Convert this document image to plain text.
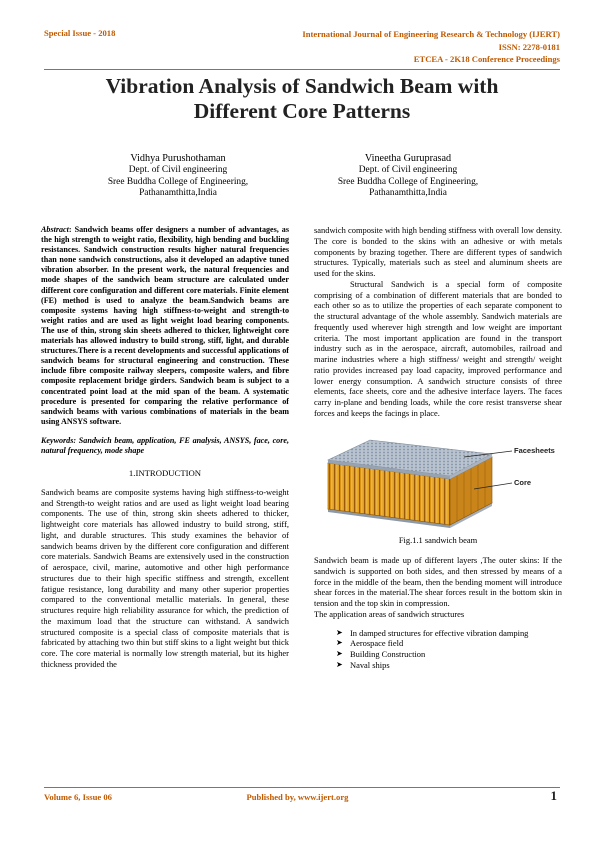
Special Issue - 2018	International Journal of Engineering Research & Technology (IJERT)
ISSN: 2278-0181
ETCEA - 2K18 Conference Proceedings
Vibration Analysis of Sandwich Beam with
Different Core Patterns
Vidhya Purushothaman
Dept. of Civil engineering
Sree Buddha College of Engineering,
Pathanamthitta,India
Vineetha Guruprasad
Dept. of Civil engineering
Sree Buddha College of Engineering,
Pathanamthitta,India

Abstract: Sandwich beams offer designers a number of advantages, as the high strength to weight ratio, flexibility, high bending and buckling resistances. Sandwich construction results higher natural frequencies than none sandwich constructions, also it developed an adaptive tuned vibration absorber. In the present work, the natural frequencies and mode shapes of the sandwich beam structure are calculated under different core configuration and different core materials. Finite element (FE) method is used to analyze the beam.Sandwich beams are composite systems having high stiffness-to-weight and strength-to weight ratios and are used as light weight load bearing components. The use of thin, strong skin sheets adhered to thicker, lightweight core materials has allowed industry to build strong, stiff, light, and durable structures.There is a recent developments and successful applications of sandwich beams for structural engineering and construction. These include fibre composite railway sleepers, composite walers, and fibre composite replacement bridge girders. Sandwich beam is subject to a concentrated point load at the mid span of the beam. A systematic procedure is presented for comparing the relative performance of sandwich beams with various combinations of materials in the beam using ANSYS software.

Keywords: Sandwich beam, application, FE analysis, ANSYS, face, core, natural frequency, mode shape

1.INTRODUCTION

Sandwich beams are composite systems having high stiffness-to-weight and Strength-to weight ratios and are used as light weight load bearing components. The use of thin, strong skin sheets adhered to thicker, lightweight core materials has allowed industry to build strong, stiff, light, and durable structures. This study examines the behavior of sandwich beams driven by the different core configuration and different core materials. Sandwich Beams are extensively used in the construction of aerospace, civil, marine, automotive and other high performance structures due to their high specific stiffness and strength, excellent fatigue resistance, long durability and many other superior properties compared to the conventional metallic materials. In general, these structures require high reliability assurance for which, the prediction of the maximum load that the structure can withstand. A sandwich structured composite is a special class of composite materials that is fabricated by attaching two thin but stiff skins to a light weight but thick core. The core material is normally low strength material, but its higher thickness provided the

sandwich composite with high bending stiffness with overall low density. The core is bonded to the skins with an adhesive or with metals components by brazing together. There are different types of sandwich structures. Typically, materials such as steel and aluminum sheets are used for the skins.

Structural Sandwich is a special form of composite comprising of a combination of different materials that are bonded to each other so as to utilize the properties of each separate component to the structural advantage of the whole assembly. Sandwich materials are frequently used wherever high strength and low weight are important criteria. The most important application are found in the transport industry such as in the aerospace, aircraft, automobiles, railroad and marine industries where a high stiffness/ weight and strength/ weight ratio provides increased pay load capacity, improved performance and lower energy consumption. A sandwich structure consists of three elements, face sheets, core and the adhesive interface layers. The faces carry in-plane and bending loads, while the core resist transverse shear forces and keeps the facings in place.

Facesheets
Core

Fig.1.1 sandwich beam

Sandwich beam is made up of different layers ,The outer skins: If the sandwich is supported on both sides, and then stressed by means of a force in the middle of the beam, then the bending moment will introduce shear forces in the material.The shear forces result in the bottom skin in tension and the top skin in compression.

The application areas of sandwich structures

➤ In damped structures for effective vibration damping
➤ Aerospace field
➤ Building Construction
➤ Naval ships
Volume 6, Issue 06	Published by, www.ijert.org	1
